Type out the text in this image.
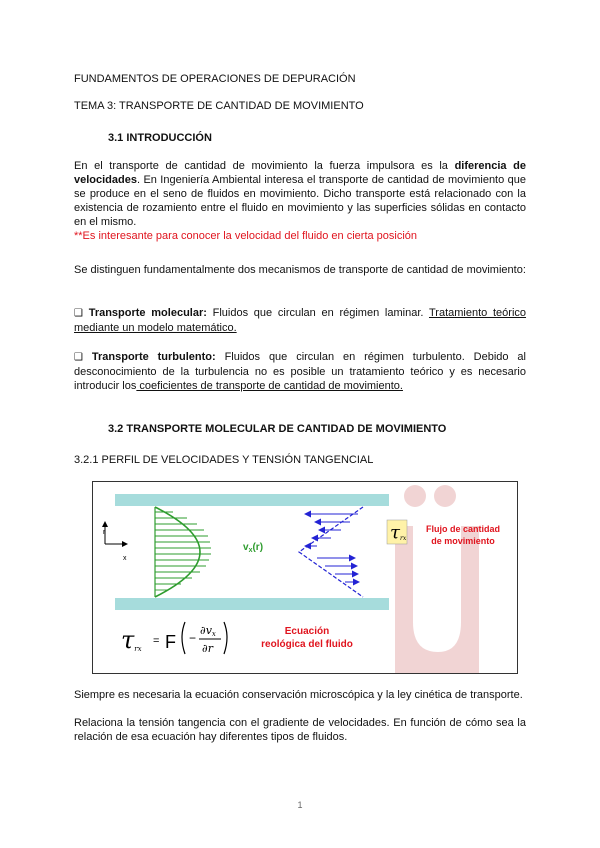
FUNDAMENTOS DE OPERACIONES DE DEPURACIÓN
TEMA 3: TRANSPORTE DE CANTIDAD DE MOVIMIENTO
3.1 INTRODUCCIÓN
En el transporte de cantidad de movimiento la fuerza impulsora es la diferencia de velocidades. En Ingeniería Ambiental interesa el transporte de cantidad de movimiento que se produce en el seno de fluidos en movimiento. Dicho transporte está relacionado con la existencia de rozamiento entre el fluido en movimiento y las superficies sólidas en contacto en el mismo.
**Es interesante para conocer la velocidad del fluido en cierta posición
Se distinguen fundamentalmente dos mecanismos de transporte de cantidad de movimiento:
❑ Transporte molecular: Fluidos que circulan en régimen laminar. Tratamiento teórico mediante un modelo matemático.
❑ Transporte turbulento: Fluidos que circulan en régimen turbulento. Debido al desconocimiento de la turbulencia no es posible un tratamiento teórico y es necesario introducir los coeficientes de transporte de cantidad de movimiento.
3.2 TRANSPORTE MOLECULAR DE CANTIDAD DE MOVIMIENTO
3.2.1 PERFIL DE VELOCIDADES Y TENSIÓN TANGENCIAL
r
x
$v_x(r)$
τrx
Flujo de cantidad
de movimiento
τrx
= F −
∂vx
∂r
Ecuación
reológica del fluido
Siempre es necesaria la ecuación conservación microscópica y la ley cinética de transporte.
Relaciona la tensión tangencia con el gradiente de velocidades. En función de cómo sea la relación de esa ecuación hay diferentes tipos de fluidos.
1
